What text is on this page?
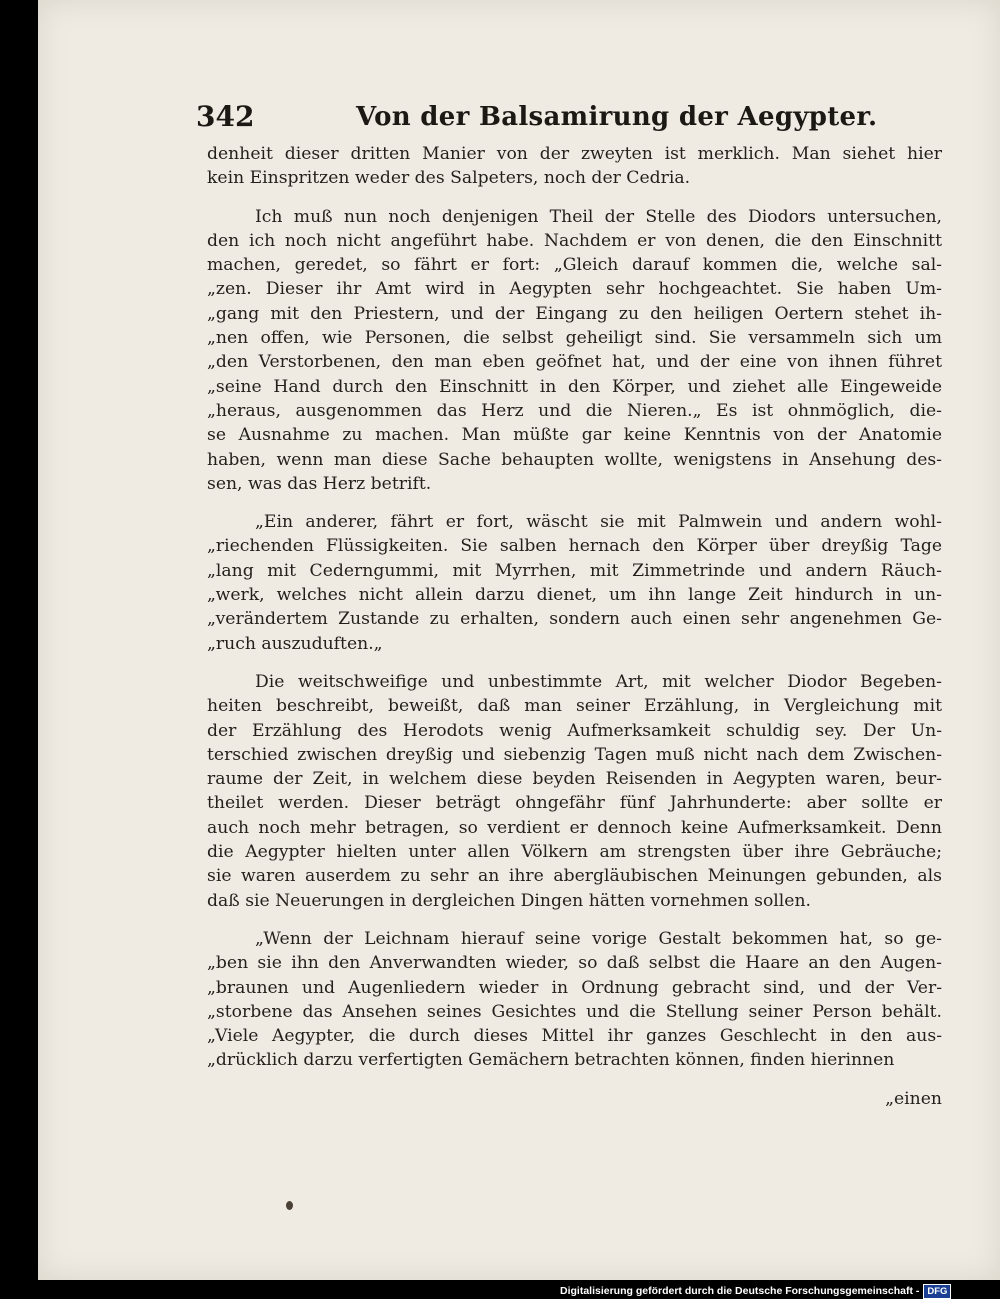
342	Von der Balsamirung der Aegypter.
denheit dieser dritten Manier von der zweyten ist merklich. Man siehet hier
kein Einspritzen weder des Salpeters, noch der Cedria.
Ich muß nun noch denjenigen Theil der Stelle des Diodors untersuchen,
den ich noch nicht angeführt habe. Nachdem er von denen, die den Einschnitt
machen, geredet, so fährt er fort: „Gleich darauf kommen die, welche sal-
„zen. Dieser ihr Amt wird in Aegypten sehr hochgeachtet. Sie haben Um-
„gang mit den Priestern, und der Eingang zu den heiligen Oertern stehet ih-
„nen offen, wie Personen, die selbst geheiligt sind. Sie versammeln sich um
„den Verstorbenen, den man eben geöfnet hat, und der eine von ihnen führet
„seine Hand durch den Einschnitt in den Körper, und ziehet alle Eingeweide
„heraus, ausgenommen das Herz und die Nieren.„ Es ist ohnmöglich, die-
se Ausnahme zu machen. Man müßte gar keine Kenntnis von der Anatomie
haben, wenn man diese Sache behaupten wollte, wenigstens in Ansehung des-
sen, was das Herz betrift.
„Ein anderer, fährt er fort, wäscht sie mit Palmwein und andern wohl-
„riechenden Flüssigkeiten. Sie salben hernach den Körper über dreyßig Tage
„lang mit Cederngummi, mit Myrrhen, mit Zimmetrinde und andern Räuch-
„werk, welches nicht allein darzu dienet, um ihn lange Zeit hindurch in un-
„verändertem Zustande zu erhalten, sondern auch einen sehr angenehmen Ge-
„ruch auszuduften.„
Die weitschweifige und unbestimmte Art, mit welcher Diodor Begeben-
heiten beschreibt, beweißt, daß man seiner Erzählung, in Vergleichung mit
der Erzählung des Herodots wenig Aufmerksamkeit schuldig sey. Der Un-
terschied zwischen dreyßig und siebenzig Tagen muß nicht nach dem Zwischen-
raume der Zeit, in welchem diese beyden Reisenden in Aegypten waren, beur-
theilet werden. Dieser beträgt ohngefähr fünf Jahrhunderte: aber sollte er
auch noch mehr betragen, so verdient er dennoch keine Aufmerksamkeit. Denn
die Aegypter hielten unter allen Völkern am strengsten über ihre Gebräuche;
sie waren auserdem zu sehr an ihre abergläubischen Meinungen gebunden, als
daß sie Neuerungen in dergleichen Dingen hätten vornehmen sollen.
„Wenn der Leichnam hierauf seine vorige Gestalt bekommen hat, so ge-
„ben sie ihn den Anverwandten wieder, so daß selbst die Haare an den Augen-
„braunen und Augenliedern wieder in Ordnung gebracht sind, und der Ver-
„storbene das Ansehen seines Gesichtes und die Stellung seiner Person behält.
„Viele Aegypter, die durch dieses Mittel ihr ganzes Geschlecht in den aus-
„drücklich darzu verfertigten Gemächern betrachten können, finden hierinnen
„einen
Digitalisierung gefördert durch die Deutsche Forschungsgemeinschaft - DFG
